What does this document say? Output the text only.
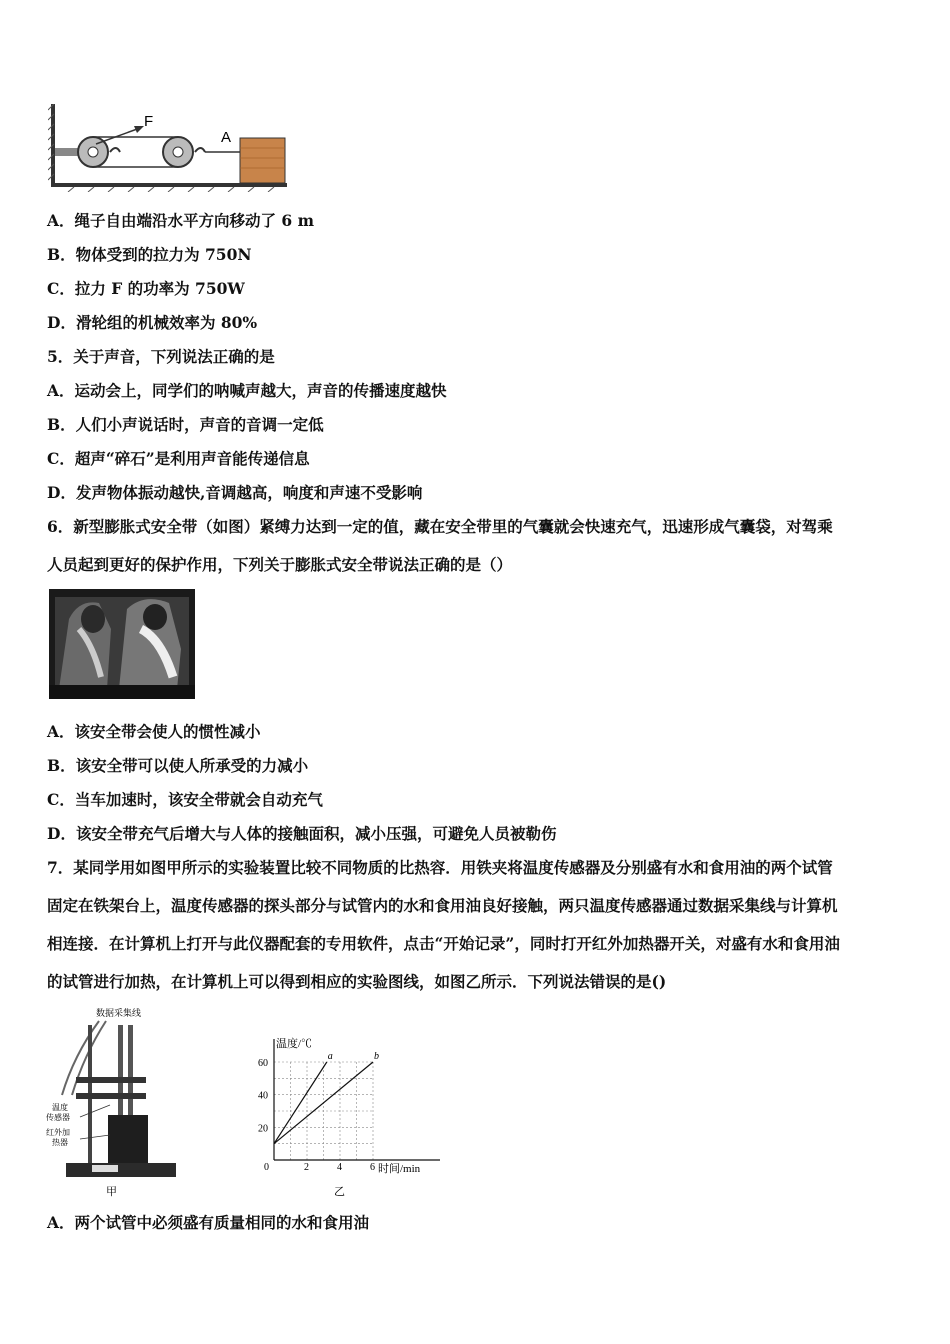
F
A
A．绳子自由端沿水平方向移动了 6 m
B．物体受到的拉力为 750N
C．拉力 F 的功率为 750W
D．滑轮组的机械效率为 80%
5．关于声音，下列说法正确的是
A．运动会上，同学们的呐喊声越大，声音的传播速度越快
B．人们小声说话时，声音的音调一定低
C．超声“碎石”是利用声音能传递信息
D．发声物体振动越快,音调越高，响度和声速不受影响
6．新型膨胀式安全带（如图）紧缚力达到一定的值，藏在安全带里的气囊就会快速充气，迅速形成气囊袋，对驾乘
人员起到更好的保护作用，下列关于膨胀式安全带说法正确的是（）
A．该安全带会使人的惯性减小
B．该安全带可以使人所承受的力减小
C．当车加速时，该安全带就会自动充气
D．该安全带充气后增大与人体的接触面积，减小压强，可避免人员被勒伤
7．某同学用如图甲所示的实验装置比较不同物质的比热容．用铁夹将温度传感器及分别盛有水和食用油的两个试管
固定在铁架台上，温度传感器的探头部分与试管内的水和食用油良好接触，两只温度传感器通过数据采集线与计算机
相连接．在计算机上打开与此仪器配套的专用软件，点击“开始记录”，同时打开红外加热器开关，对盛有水和食用油
的试管进行加热，在计算机上可以得到相应的实验图线，如图乙所示．下列说法错误的是()
数据采集线
温度
传感器
红外加
热器
甲
0	2	4	6
20
40
60
a	b
温度/℃
时间/min
乙
A．两个试管中必须盛有质量相同的水和食用油
